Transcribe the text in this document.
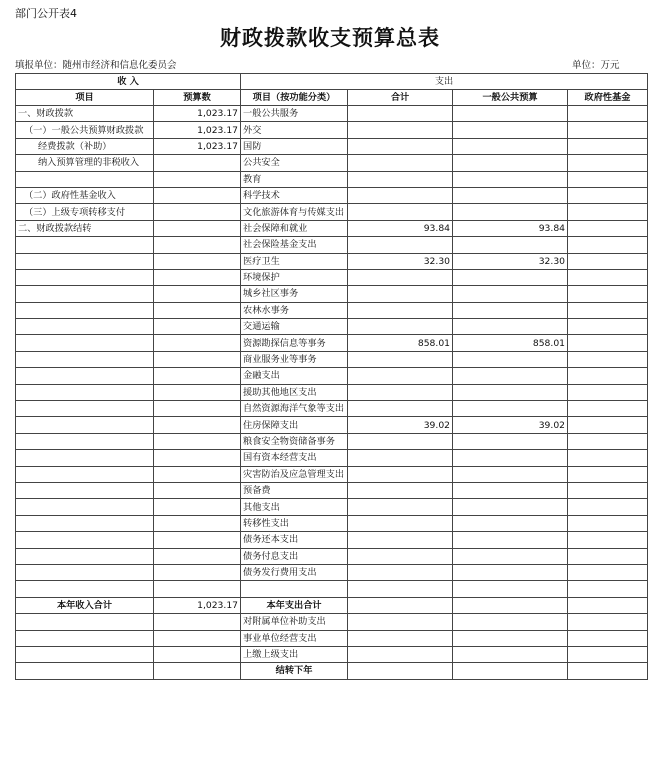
部门公开表4
财政拨款收支预算总表
填报单位：随州市经济和信息化委员会	单位：万元
收 入		支出			
项目	预算数	项目（按功能分类）	合计	一般公共预算	政府性基金
一、财政拨款	1,023.17	一般公共服务			
（一）一般公共预算财政拨款	1,023.17	外交			
经费拨款（补助）	1,023.17	国防			
纳入预算管理的非税收入		公共安全			
		教育			
（二）政府性基金收入		科学技术			
（三）上级专项转移支付		文化旅游体育与传媒支出			
二、财政拨款结转		社会保障和就业	93.84	93.84	
		社会保险基金支出			
		医疗卫生	32.30	32.30	
		环境保护			
		城乡社区事务			
		农林水事务			
		交通运输			
		资源勘探信息等事务	858.01	858.01	
		商业服务业等事务			
		金融支出			
		援助其他地区支出			
		自然资源海洋气象等支出			
		住房保障支出	39.02	39.02	
		粮食安全物资储备事务			
		国有资本经营支出			
		灾害防治及应急管理支出			
		预备费			
		其他支出			
		转移性支出			
		债务还本支出			
		债务付息支出			
		债务发行费用支出			

本年收入合计	1,023.17	本年支出合计			
		对附属单位补助支出			
		事业单位经营支出			
		上缴上级支出			
		结转下年			
